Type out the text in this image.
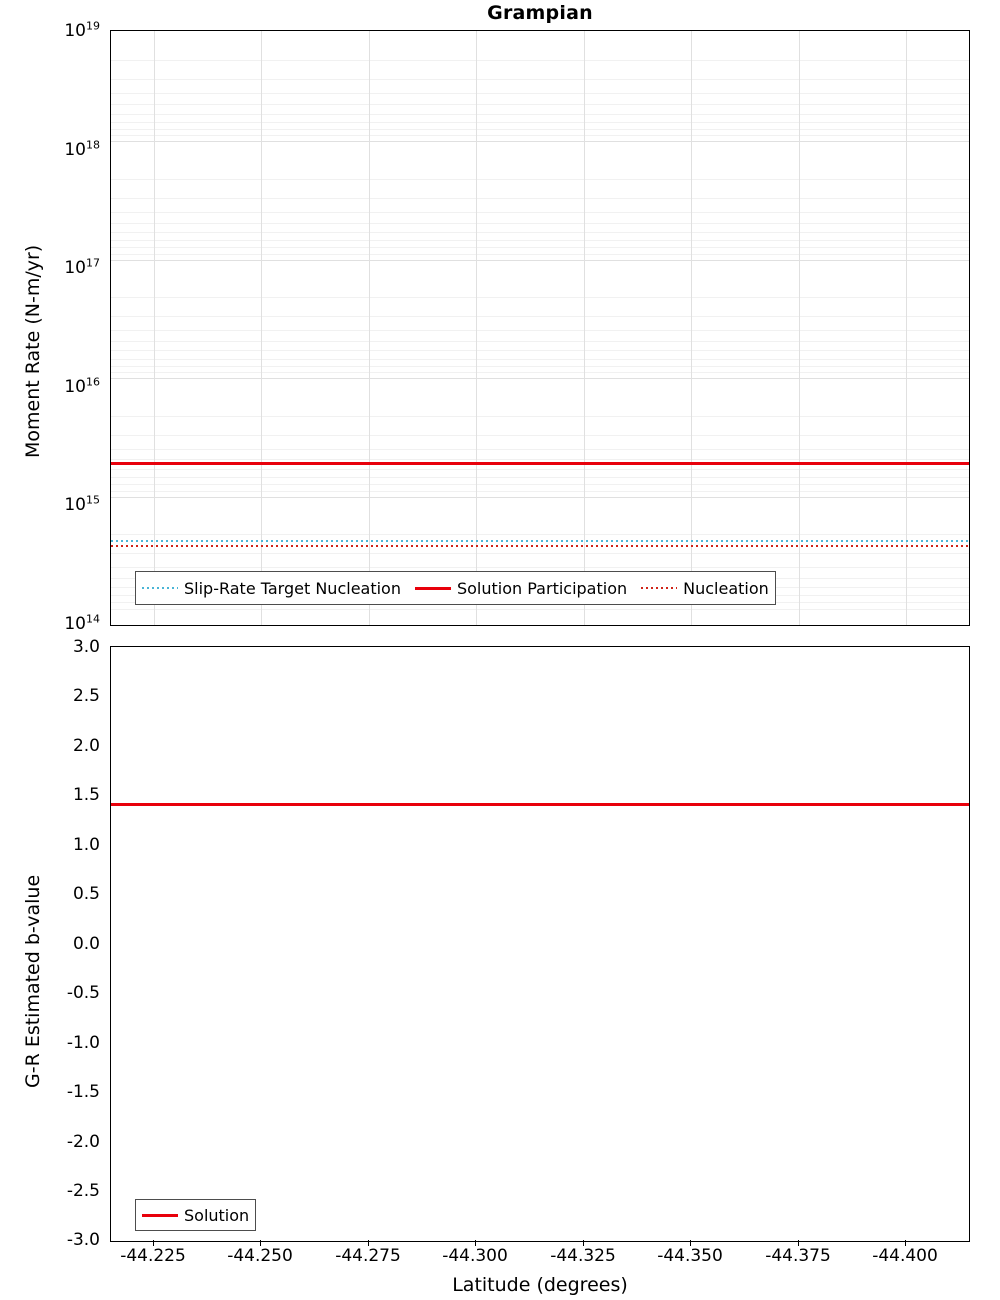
Grampian
Slip-Rate Target Nucleation	Solution Participation	Nucleation
$10^{19}$
$10^{18}$
$10^{17}$
$10^{16}$
$10^{15}$
$10^{14}$
Moment Rate (N-m/yr)
Solution
3.0
2.5
2.0
1.5
1.0
0.5
0.0
-0.5
-1.0
-1.5
-2.0
-2.5
-3.0
G-R Estimated b-value
-44.225 -44.250 -44.275 -44.300 -44.325 -44.350 -44.375 -44.400
Latitude (degrees)
